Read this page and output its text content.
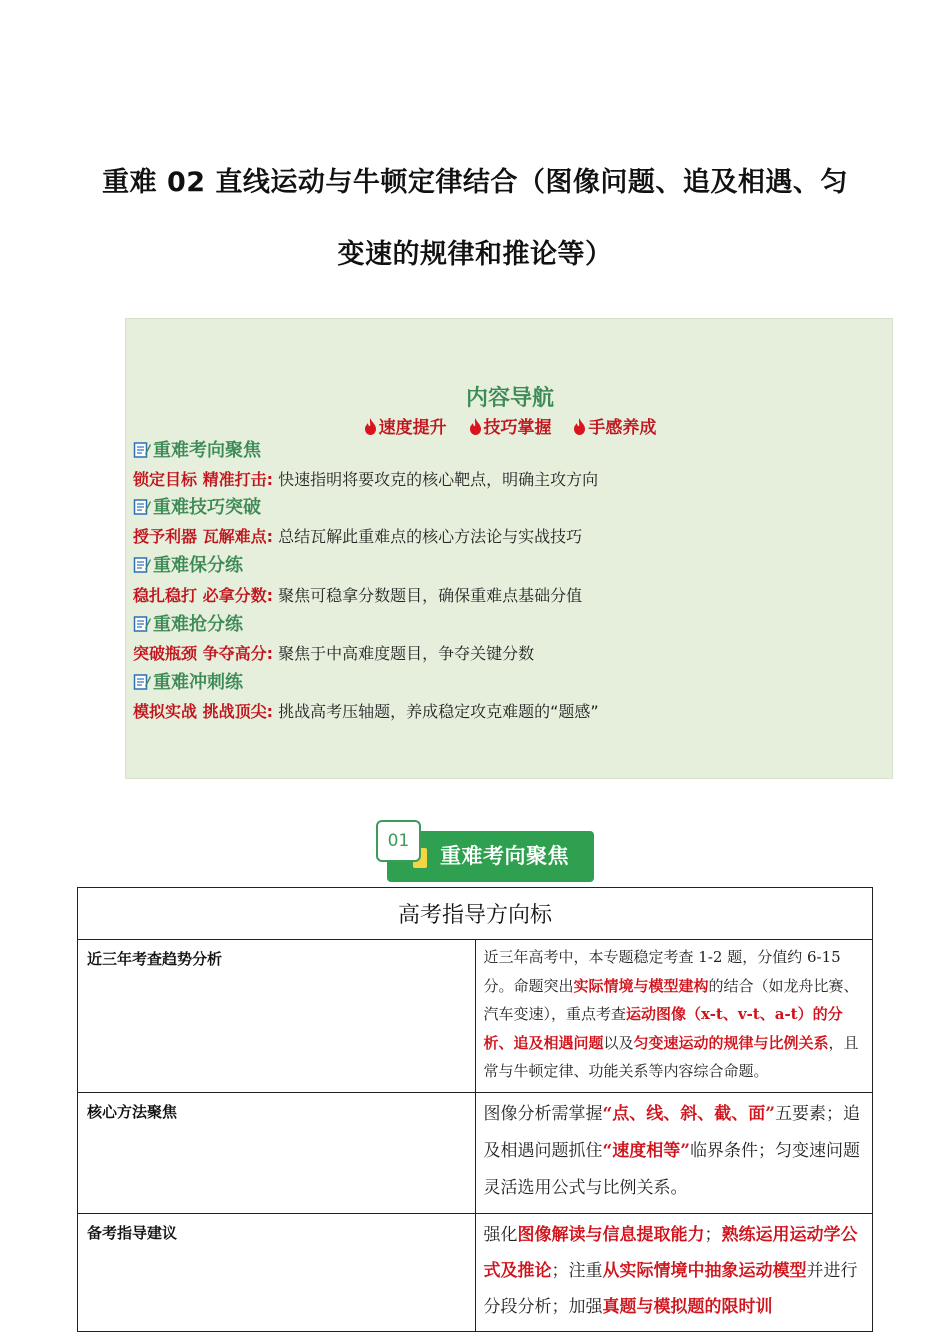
重难 02 直线运动与牛顿定律结合（图像问题、追及相遇、匀
变速的规律和推论等）
内容导航
速度提升 技巧掌握 手感养成
重难考向聚焦
锁定目标 精准打击: 快速指明将要攻克的核心靶点，明确主攻方向
重难技巧突破
授予利器 瓦解难点: 总结瓦解此重难点的核心方法论与实战技巧
重难保分练
稳扎稳打 必拿分数: 聚焦可稳拿分数题目，确保重难点基础分值
重难抢分练
突破瓶颈 争夺高分: 聚焦于中高难度题目，争夺关键分数
重难冲刺练
模拟实战 挑战顶尖: 挑战高考压轴题，养成稳定攻克难题的“题感”
01
重难考向聚焦
高考指导方向标	
近三年考查趋势分析	近三年高考中，本专题稳定考查 1-2 题，分值约 6-15 分。命题突出实际情境与模型建构的结合（如龙舟比赛、汽车变速），重点考查运动图像（x-t、v-t、a-t）的分析、追及相遇问题以及匀变速运动的规律与比例关系，且常与牛顿定律、功能关系等内容综合命题。
核心方法聚焦	图像分析需掌握“点、线、斜、截、面”五要素；追及相遇问题抓住“速度相等”临界条件；匀变速问题灵活选用公式与比例关系。
备考指导建议	强化图像解读与信息提取能力；熟练运用运动学公式及推论；注重从实际情境中抽象运动模型并进行分段分析；加强真题与模拟题的限时训
